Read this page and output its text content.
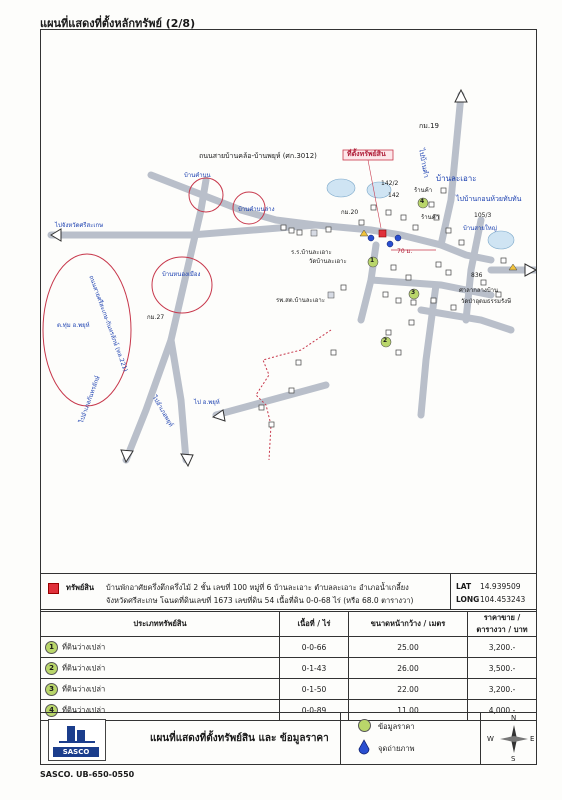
แผนที่แสดงที่ตั้งหลักทรัพย์ (2/8)
ถนนสายบ้านคล้อ-บ้านพยุห์ (ศก.3012)	ที่ตั้งทรัพย์สิน
กม.19
ไปบ้านคำ บ้านละเอาะ
ไปบ้านกอนห้วยทับทัน
142/2
142
ร้านค้า
ร้านค้า
กม.20	105/3
บ้านสายใหญ่
บ้านคำบน
บ้านคำบนล่าง
ร.ร.บ้านละเอาะ
วัดบ้านละเอาะ
70 ม.
836
ศาลากลางบ้าน
วัดป่าอุดมธรรมรังษี
ไปจังหวัดศรีสะเกษ
บ้านหนองเมือง
รพ.สต.บ้านละเอาะ
ถนนสายศรีสะเกษ-กันทรลักษ์ (ทล.221)
ต.ทุ่ม อ.พยุห์
กม.27
ไป อ.พยุห์
ไปอำเภอกันทรลักษ์	ไปอำเภอพยุห์
1
2
3
4
ทรัพย์สิน บ้านพักอาศัยครึ่งตึกครึ่งไม้ 2 ชั้น เลขที่ 100 หมู่ที่ 6 บ้านละเอาะ ตำบลละเอาะ อำเภอน้ำเกลี้ยง
จังหวัดศรีสะเกษ โฉนดที่ดินเลขที่ 1673 เลขที่ดิน 54 เนื้อที่ดิน 0-0-68 ไร่ (หรือ 68.0 ตารางวา)
LAT 14.939509
LONG 104.453243
ประเภททรัพย์สิน	เนื้อที่ / ไร่	ขนาดหน้ากว้าง / เมตร	ราคาขาย / ตารางวา / บาท
1 ที่ดินว่างเปล่า	0-0-66	25.00	3,200.-
2 ที่ดินว่างเปล่า	0-1-43	26.00	3,500.-
3 ที่ดินว่างเปล่า	0-1-50	22.00	3,200.-
4 ที่ดินว่างเปล่า	0-0-89	11.00	4,000.-
SASCO
แผนที่แสดงที่ตั้งทรัพย์สิน และ ข้อมูลราคา
ข้อมูลราคา
จุดถ่ายภาพ
N
S
E
W
SASCO. UB-650-0550
